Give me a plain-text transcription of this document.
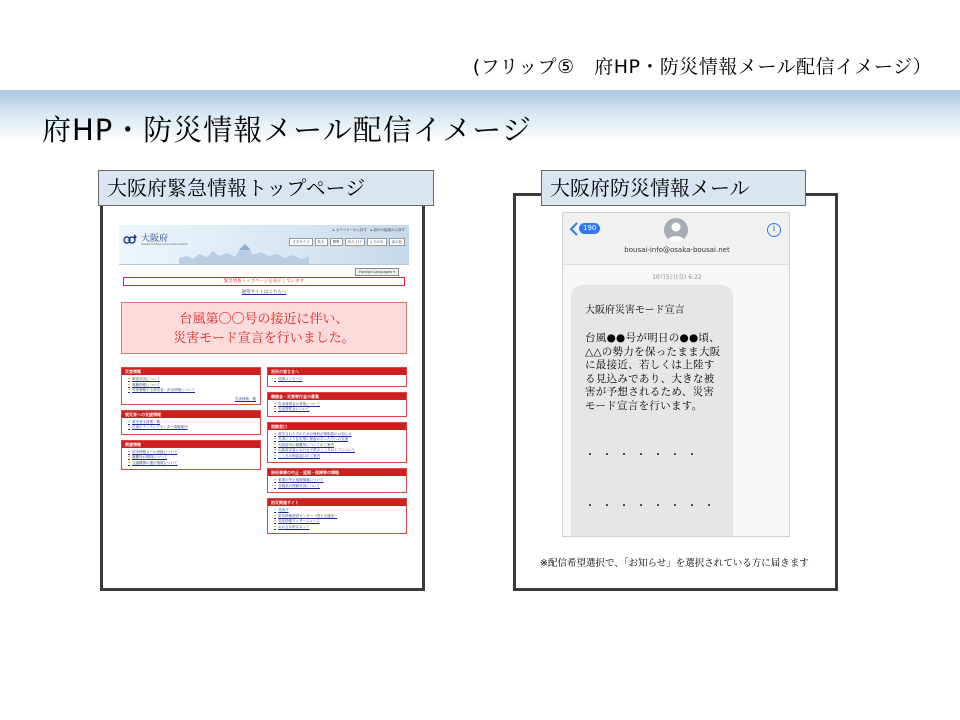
(フリップ⑤　府HP・防災情報メール配信イメージ）
府HP・防災情報メール配信イメージ
大阪府
Osaka Prefectural Government
▸ カテゴリーから探す　▸ 府庁の組織から探す
文字サイズ	拡大	標準	読み上げ	ふりがな	表示色
Foreign Languages ▾
緊急情報トップページを表示しています
通常サイトはこちらへ
台風第〇〇号の接近に伴い、
災害モード宣言を行いました。
災害情報
• 被害状況について
• 避難情報について
• 気象警報や土砂災害・洪水情報について
災害情報一覧
被災者への支援情報
• 被災者支援策一覧
• 災害ボランティアセンター情報案内
関連情報
• 防災情報メール登録について
• 避難所の開設について
• 交通機関の運行情報について
府民の皆さまへ
• 知事メッセージ
義援金・災害寄付金の募集
• 災害義援金の募集について
• 災害寄附金について
相談窓口
• 被災された方のための無料法律相談のお知らせ
• 災害により住宅等に被害のあった方への支援
• 大阪府内の避難所についてのご案内
• 大阪府災害における子供のこころのケアについて
• こころの相談窓口のご案内
府民事業の中止・延期・再開等の情報
• 事業の中止延期情報について
• 各施設の開館状況について
防災関連サイト
• 気象庁
• 防災情報提供センター（国土交通省）
• 気象情報ウェザーニュース
• おおさか防災ネット
大阪府緊急情報トップページ
190
bousai-info@osaka-bousai.net
i
10月5日(金) 6:22
大阪府災害モード宣言
台風●●号が明日の●●頃、△△の勢力を保ったまま大阪に最接近、若しくは上陸する見込みであり、大きな被害が予想されるため、災害モード宣言を行います。

・・・・・・・

・・・・・・・・

※配信希望選択で、「お知らせ」を選択されている方に届きます
大阪府防災情報メール
